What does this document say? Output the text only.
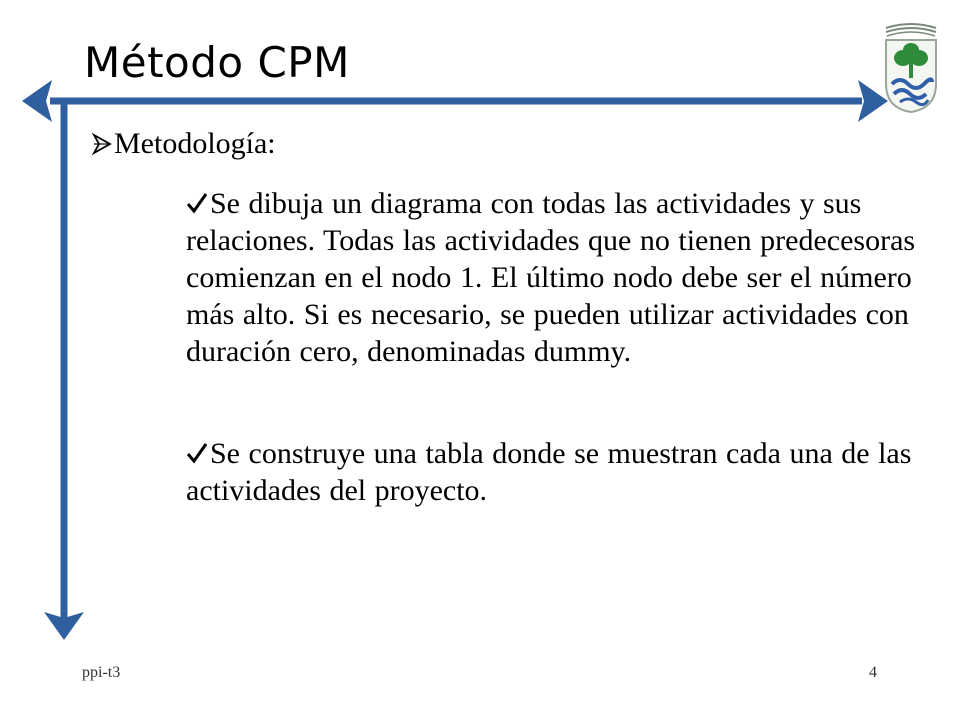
Método CPM
Metodología:
Se dibuja un diagrama con todas las actividades y sus relaciones. Todas las actividades que no tienen predecesoras comienzan en el nodo 1. El último nodo debe ser el número más alto. Si es necesario, se pueden utilizar actividades con duración cero, denominadas dummy.
Se construye una tabla donde se muestran cada una de las actividades del proyecto.
ppi-t3	4
